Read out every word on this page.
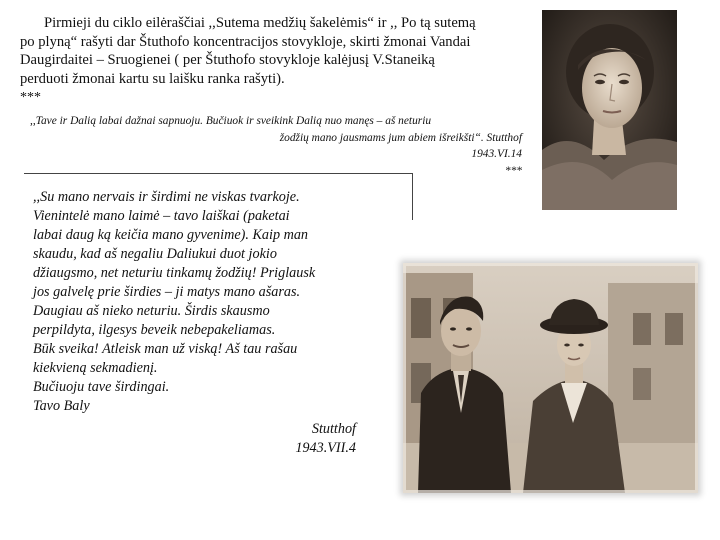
Pirmieji du ciklo eilėraščiai ,,Sutema medžių šakelėmis“ ir ,, Po tą sutemą
po plyną“ rašyti dar Štuthofo koncentracijos stovykloje, skirti žmonai Vandai
Daugirdaitei – Sruogienei ( per Štuthofo stovykloje kalėjusį V.Staneiką
perduoti žmonai kartu su laišku ranka rašyti).
***
,,Tave ir Dalią labai dažnai sapnuoju. Bučiuok ir sveikink Dalią nuo manęs – aš neturiu
žodžių mano jausmams jum abiem išreikšti“. Stutthof
1943.VI.14
***
,,Su mano nervais ir širdimi ne viskas tvarkoje.
Vienintelė mano laimė – tavo laiškai (paketai
labai daug ką keičia mano gyvenime). Kaip man
skaudu, kad aš negaliu Daliukui duot jokio
džiaugsmo, net neturiu tinkamų žodžių! Priglausk
jos galvelę prie širdies – ji matys mano ašaras.
Daugiau aš nieko neturiu. Širdis skausmo
perpildyta, ilgesys beveik nebepakeliamas.
Būk sveika! Atleisk man už viską! Aš tau rašau
kiekvieną sekmadienį.
Bučiuoju tave širdingai.
Tavo Baly
Stutthof
1943.VII.4
